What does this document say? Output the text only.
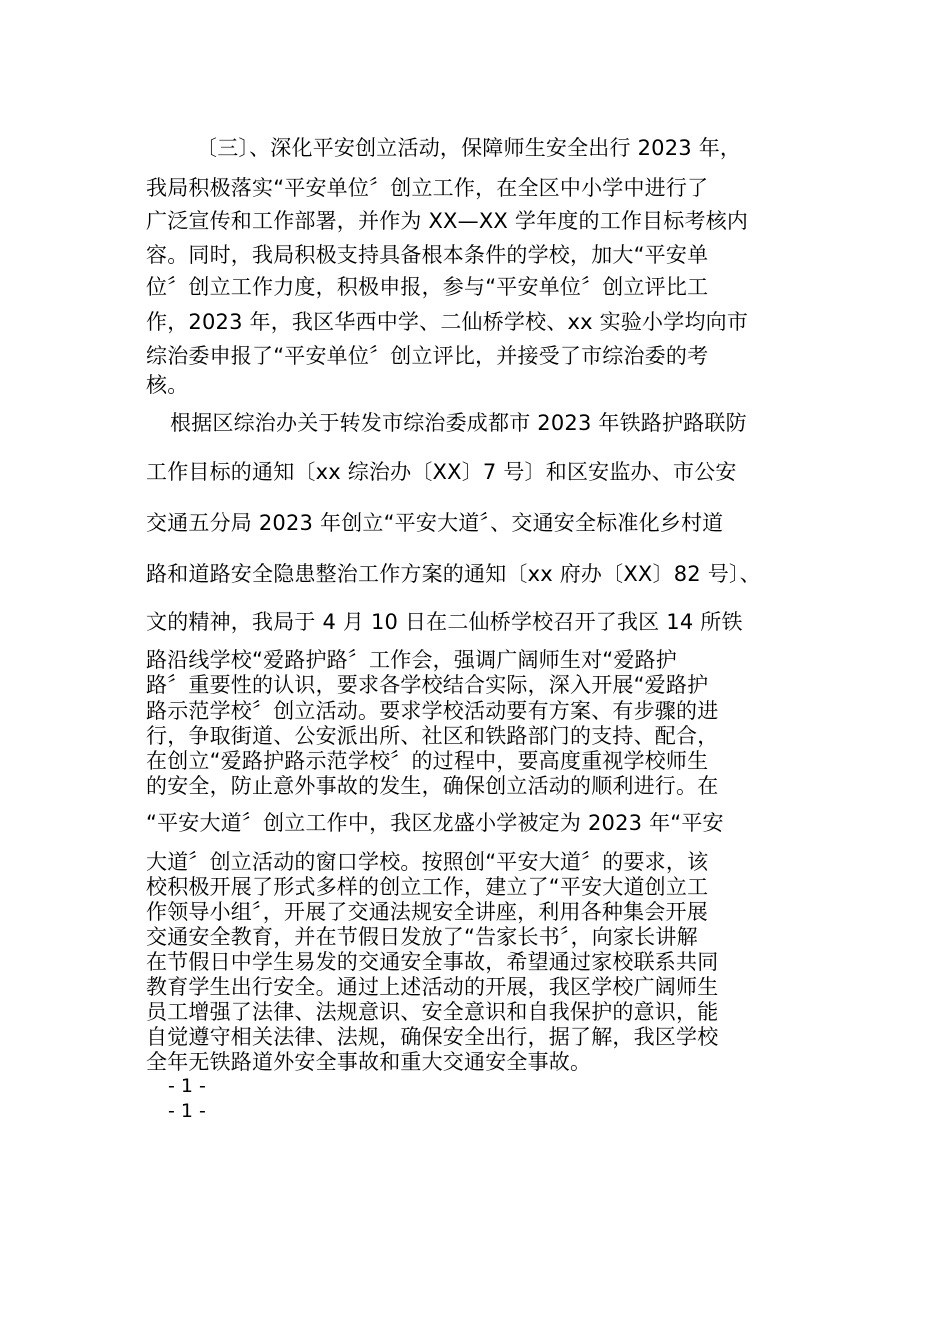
〔三〕、深化平安创立活动，保障师生安全出行 2023 年，
我局积极落实“平安单位〞创立工作，在全区中小学中进行了
广泛宣传和工作部署，并作为 XX—XX 学年度的工作目标考核内
容。同时，我局积极支持具备根本条件的学校，加大“平安单
位〞创立工作力度，积极申报，参与“平安单位〞创立评比工
作，2023 年，我区华西中学、二仙桥学校、xx 实验小学均向市
综治委申报了“平安单位〞创立评比，并接受了市综治委的考
核。
根据区综治办关于转发市综治委成都市 2023 年铁路护路联防
工作目标的通知〔xx 综治办〔XX〕7 号〕和区安监办、市公安
交通五分局 2023 年创立“平安大道〞、交通安全标准化乡村道
路和道路安全隐患整治工作方案的通知〔xx 府办〔XX〕82 号〕、
文的精神，我局于 4 月 10 日在二仙桥学校召开了我区 14 所铁
路沿线学校“爱路护路〞工作会，强调广阔师生对“爱路护
路〞重要性的认识，要求各学校结合实际，深入开展“爱路护
路示范学校〞创立活动。要求学校活动要有方案、有步骤的进
行，争取街道、公安派出所、社区和铁路部门的支持、配合，
在创立“爱路护路示范学校〞的过程中，要高度重视学校师生
的安全，防止意外事故的发生，确保创立活动的顺利进行。在
“平安大道〞创立工作中，我区龙盛小学被定为 2023 年“平安
大道〞创立活动的窗口学校。按照创“平安大道〞的要求，该
校积极开展了形式多样的创立工作，建立了“平安大道创立工
作领导小组〞，开展了交通法规安全讲座，利用各种集会开展
交通安全教育，并在节假日发放了“告家长书〞，向家长讲解
在节假日中学生易发的交通安全事故，希望通过家校联系共同
教育学生出行安全。通过上述活动的开展，我区学校广阔师生
员工增强了法律、法规意识、安全意识和自我保护的意识，能
自觉遵守相关法律、法规，确保安全出行，据了解，我区学校
全年无铁路道外安全事故和重大交通安全事故。
- 1 -
- 1 -
